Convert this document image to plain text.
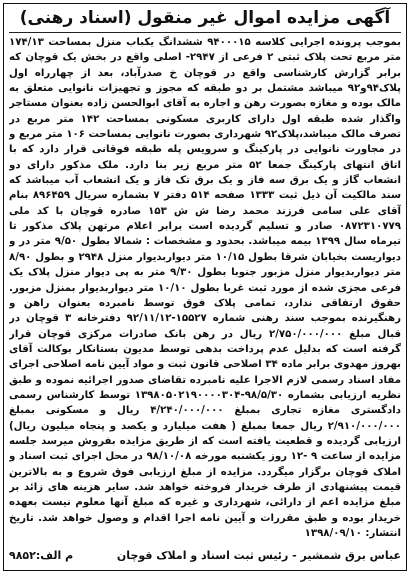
آگهی مزایده اموال غیر منقول (اسناد رهنی)
بموجب پرونده اجرایی کلاسه ۹۴۰۰۰۱۵ ششدانگ یکباب منزل بمساحت ۱۷۴/۱۳ متر مربع تحت پلاک ثبتی ۲ فرعی از ۲۹۴۷- اصلی واقع در بخش یک قوچان که برابر گزارش کارشناسی واقع در قوچان خ صدرآباد، بعد از چهارراه اول پلاک۹۴و۹۲ میباشد مشتمل بر دو طبقه که مجوز و تجهیزات نانوایی متعلق به مالک بوده و مغازه بصورت رهن و اجاره به آقای ابوالحسن زاده بعنوان مستاجر واگذار شده طبقه اول دارای کاربری مسکونی بمساحت ۱۴۲ متر مربع در تصرف مالک میباشد،پلاک۹۲ شهرداری بصورت نانوایی بمساحت ۱۰۶ متر مربع و در مجاورت نانوایی در پارکینگ و سرویس پله طبقه فوقانی قرار دارد که با اتاق انتهای پارکینگ جمعا ۵۲ متر مربع زیر بنا دارد. ملک مذکور دارای دو انشعاب گاز و یک برق سه فاز و یک برق تک فاز و یک انشعاب آب میباشد که سند مالکیت آن ذیل ثبت ۱۳۳۳ صفحه ۵۱۴ دفتر ۷ بشماره سریال ۸۹۶۴۵۹ بنام آقای علی سامی فرزند محمد رضا ش ش ۱۵۳ صادره قوچان با کد ملی ۰۸۷۲۳۱۰۷۷۹ صادر و تسلیم گردیده است برابر اعلام مرتهن پلاک مذکور تا تیرماه سال ۱۳۹۹ بیمه میباشد. بحدود و مشخصات : شمالا بطول ۹/۵۰ متر در و دیواریست بخیابان شرقا بطول ۱۰/۱۵ متر دیواربدیوار منزل ۲۹۴۸ و بطول ۸/۹۰ متر دیواربدیوار منزل مزبور جنوبا بطول ۹/۳۰ متر به پی دیوار منزل پلاک یک فرعی مجزی شده از مورد ثبت غربا بطول ۱۰/۱۰ متر دیواربدیوار بمنزل مزبور. حقوق ارتفاقی ندارد، تمامی پلاک فوق توسط نامبرده بعنوان راهن و رهنگیرنده بموجب سند رهنی شماره ۱۵۵۲۷-۹۲/۱۱/۱۲ دفترخانه ۳ قوچان در قبال مبلغ ۲/۷۵۰/۰۰۰/۰۰۰ ریال در رهن بانک صادرات مرکزی قوچان قرار گرفته است که بدلیل عدم پرداخت بدهی توسط مدیون بستانکار بوکالت آقای بهروز مهدوی برابر ماده ۳۴ اصلاحی قانون ثبت و مواد آیین نامه اصلاحی اجرای مفاد اسناد رسمی لازم الاجرا علیه نامبرده تقاضای صدور اجرائیه نموده و طبق نظریه ارزیابی بشماره ۹۸/۵/۳۰-۱۳۹۸۰۵۰۲۱۹۰۰۰۰۳۰۴ توسط کارشناس رسمی دادگستری مغازه تجاری بمبلغ ۴/۲۴۰/۰۰۰/۰۰۰ ریال و مسکونی بمبلغ ۲/۹۱۰/۰۰۰/۰۰۰ ریال جمعا بمبلغ ( هفت میلیارد و یکصد و پنجاه میلیون ریال) ارزیابی گردیده و قطعیت یافته است که از طریق مزایده بفروش میرسد جلسه مزایده از ساعت ۹ -۱۲ روز یکشنبه مورخه ۹۸/۱۰/۰۸ در محل اجرای ثبت اسناد و املاک قوچان برگزار میگردد. مزایده از مبلغ ارزیابی فوق شروع و به بالاترین قیمت پیشنهادی از طرف خریدار فروخته خواهد شد. سایر هزینه های زائد بر مبلغ مزایده اعم از دارائی، شهرداری و غیره که مبلغ آنها معلوم نیست بعهده خریدار بوده و طبق مقررات و آیین نامه اجرا اقدام و وصول خواهد شد. تاریخ انتشار: ۱۳۹۸/۰۹/۱۰
عباس برق شمشیر - رئیس ثبت اسناد و املاک قوچان
م الف:۹۸۵۲
